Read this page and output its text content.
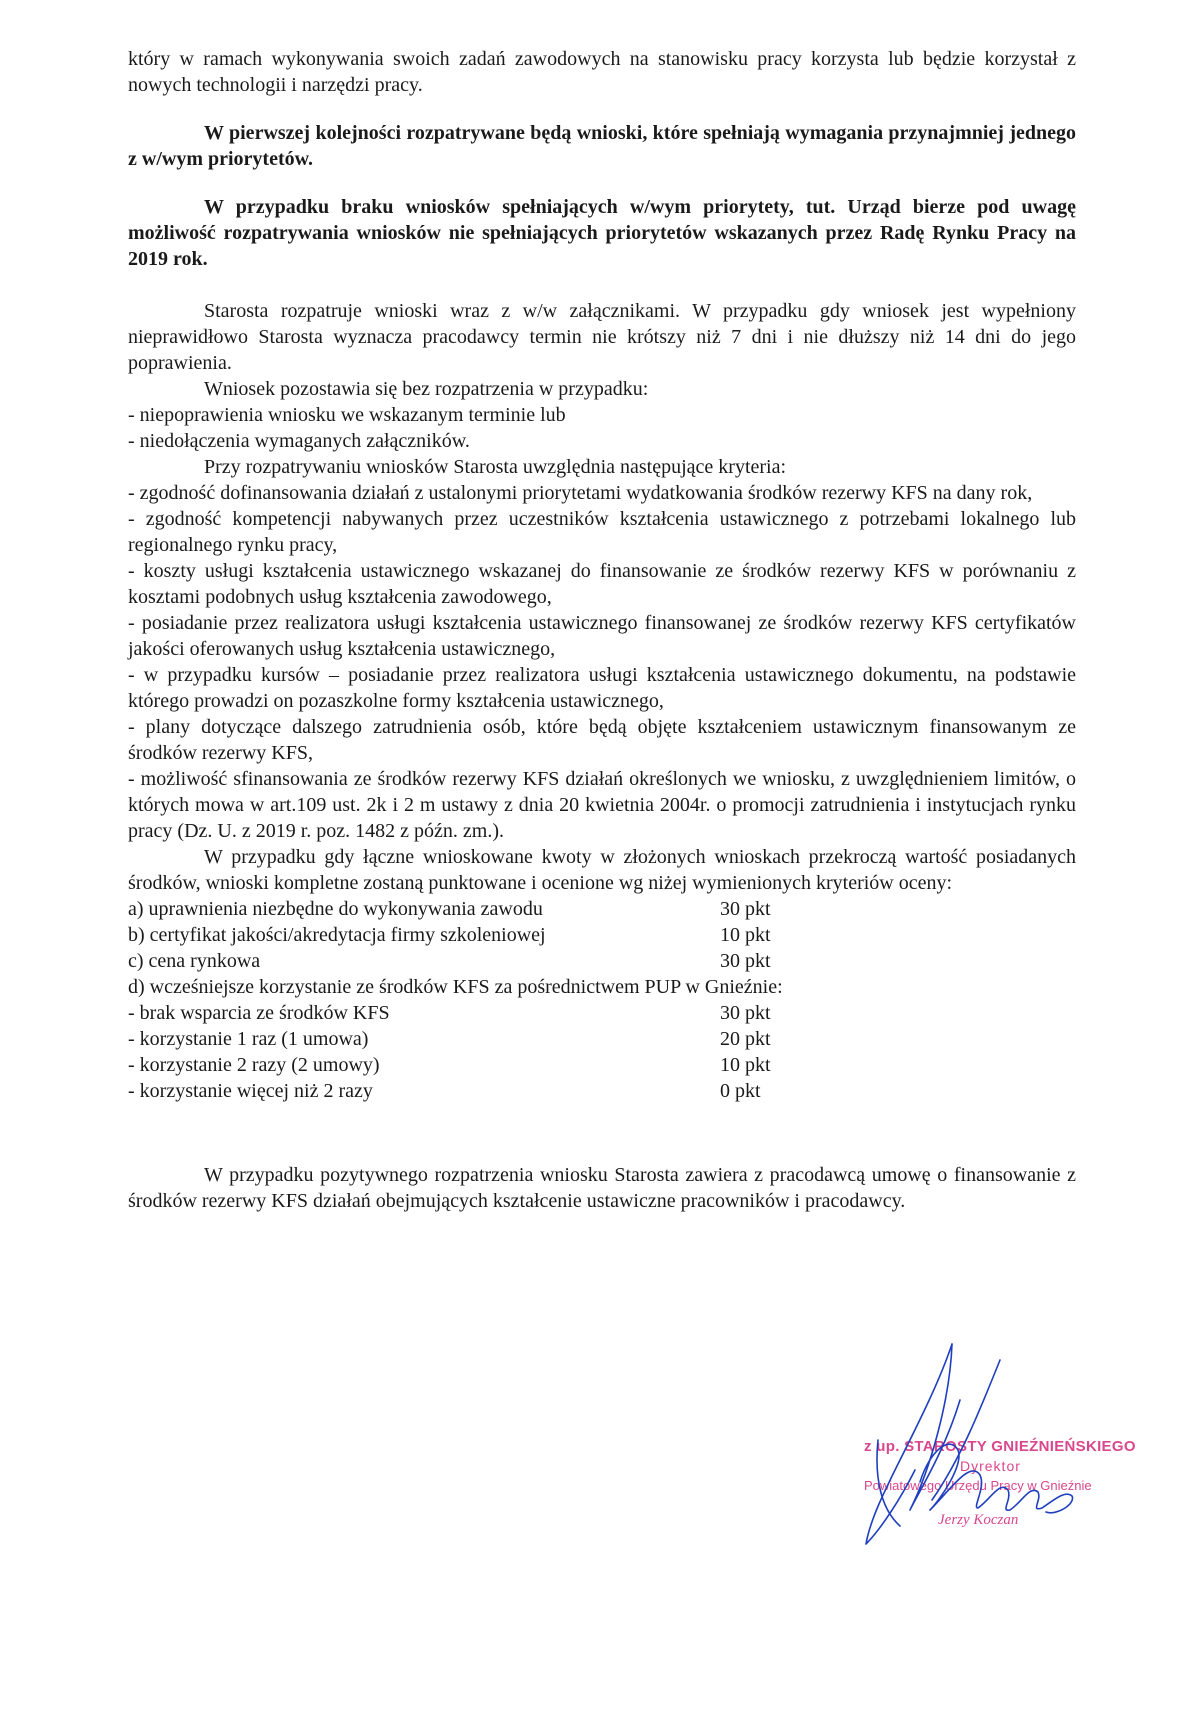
który w ramach wykonywania swoich zadań zawodowych na stanowisku pracy korzysta lub będzie korzystał z nowych technologii i narzędzi pracy.

W pierwszej kolejności rozpatrywane będą wnioski, które spełniają wymagania przynajmniej jednego z w/wym priorytetów.

W przypadku braku wniosków spełniających w/wym priorytety, tut. Urząd bierze pod uwagę możliwość rozpatrywania wniosków nie spełniających priorytetów wskazanych przez Radę Rynku Pracy na 2019 rok.

Starosta rozpatruje wnioski wraz z w/w załącznikami. W przypadku gdy wniosek jest wypełniony nieprawidłowo Starosta wyznacza pracodawcy termin nie krótszy niż 7 dni i nie dłuższy niż 14 dni do jego poprawienia.

Wniosek pozostawia się bez rozpatrzenia w przypadku:

- niepoprawienia wniosku we wskazanym terminie lub

- niedołączenia wymaganych załączników.

Przy rozpatrywaniu wniosków Starosta uwzględnia następujące kryteria:

- zgodność dofinansowania działań z ustalonymi priorytetami wydatkowania środków rezerwy KFS na dany rok,

- zgodność kompetencji nabywanych przez uczestników kształcenia ustawicznego z potrzebami lokalnego lub regionalnego rynku pracy,

- koszty usługi kształcenia ustawicznego wskazanej do finansowanie ze środków rezerwy KFS w porównaniu z kosztami podobnych usług kształcenia zawodowego,

- posiadanie przez realizatora usługi kształcenia ustawicznego finansowanej ze środków rezerwy KFS certyfikatów jakości oferowanych usług kształcenia ustawicznego,

- w przypadku kursów – posiadanie przez realizatora usługi kształcenia ustawicznego dokumentu, na podstawie którego prowadzi on pozaszkolne formy kształcenia ustawicznego,

- plany dotyczące dalszego zatrudnienia osób, które będą objęte kształceniem ustawicznym finansowanym ze środków rezerwy KFS,

- możliwość sfinansowania ze środków rezerwy KFS działań określonych we wniosku, z uwzględnieniem limitów, o których mowa w art.109 ust. 2k i 2 m ustawy z dnia 20 kwietnia 2004r. o promocji zatrudnienia i instytucjach rynku pracy (Dz. U. z 2019 r. poz. 1482 z późn. zm.).

W przypadku gdy łączne wnioskowane kwoty w złożonych wnioskach przekroczą wartość posiadanych środków, wnioski kompletne zostaną punktowane i ocenione wg niżej wymienionych kryteriów oceny:

a) uprawnienia niezbędne do wykonywania zawodu	30 pkt
b) certyfikat jakości/akredytacja firmy szkoleniowej	10 pkt
c) cena rynkowa	30 pkt

d) wcześniejsze korzystanie ze środków KFS za pośrednictwem PUP w Gnieźnie:

- brak wsparcia ze środków KFS	30 pkt
- korzystanie 1 raz (1 umowa)	20 pkt
- korzystanie 2 razy (2 umowy)	10 pkt
- korzystanie więcej niż 2 razy	0 pkt

W przypadku pozytywnego rozpatrzenia wniosku Starosta zawiera z pracodawcą umowę o finansowanie z środków rezerwy KFS działań obejmujących kształcenie ustawiczne pracowników i pracodawcy.

z up. STAROSTY GNIEŹNIEŃSKIEGO
Dyrektor
Powiatowego Urzędu Pracy w Gnieźnie
Jerzy Koczan
